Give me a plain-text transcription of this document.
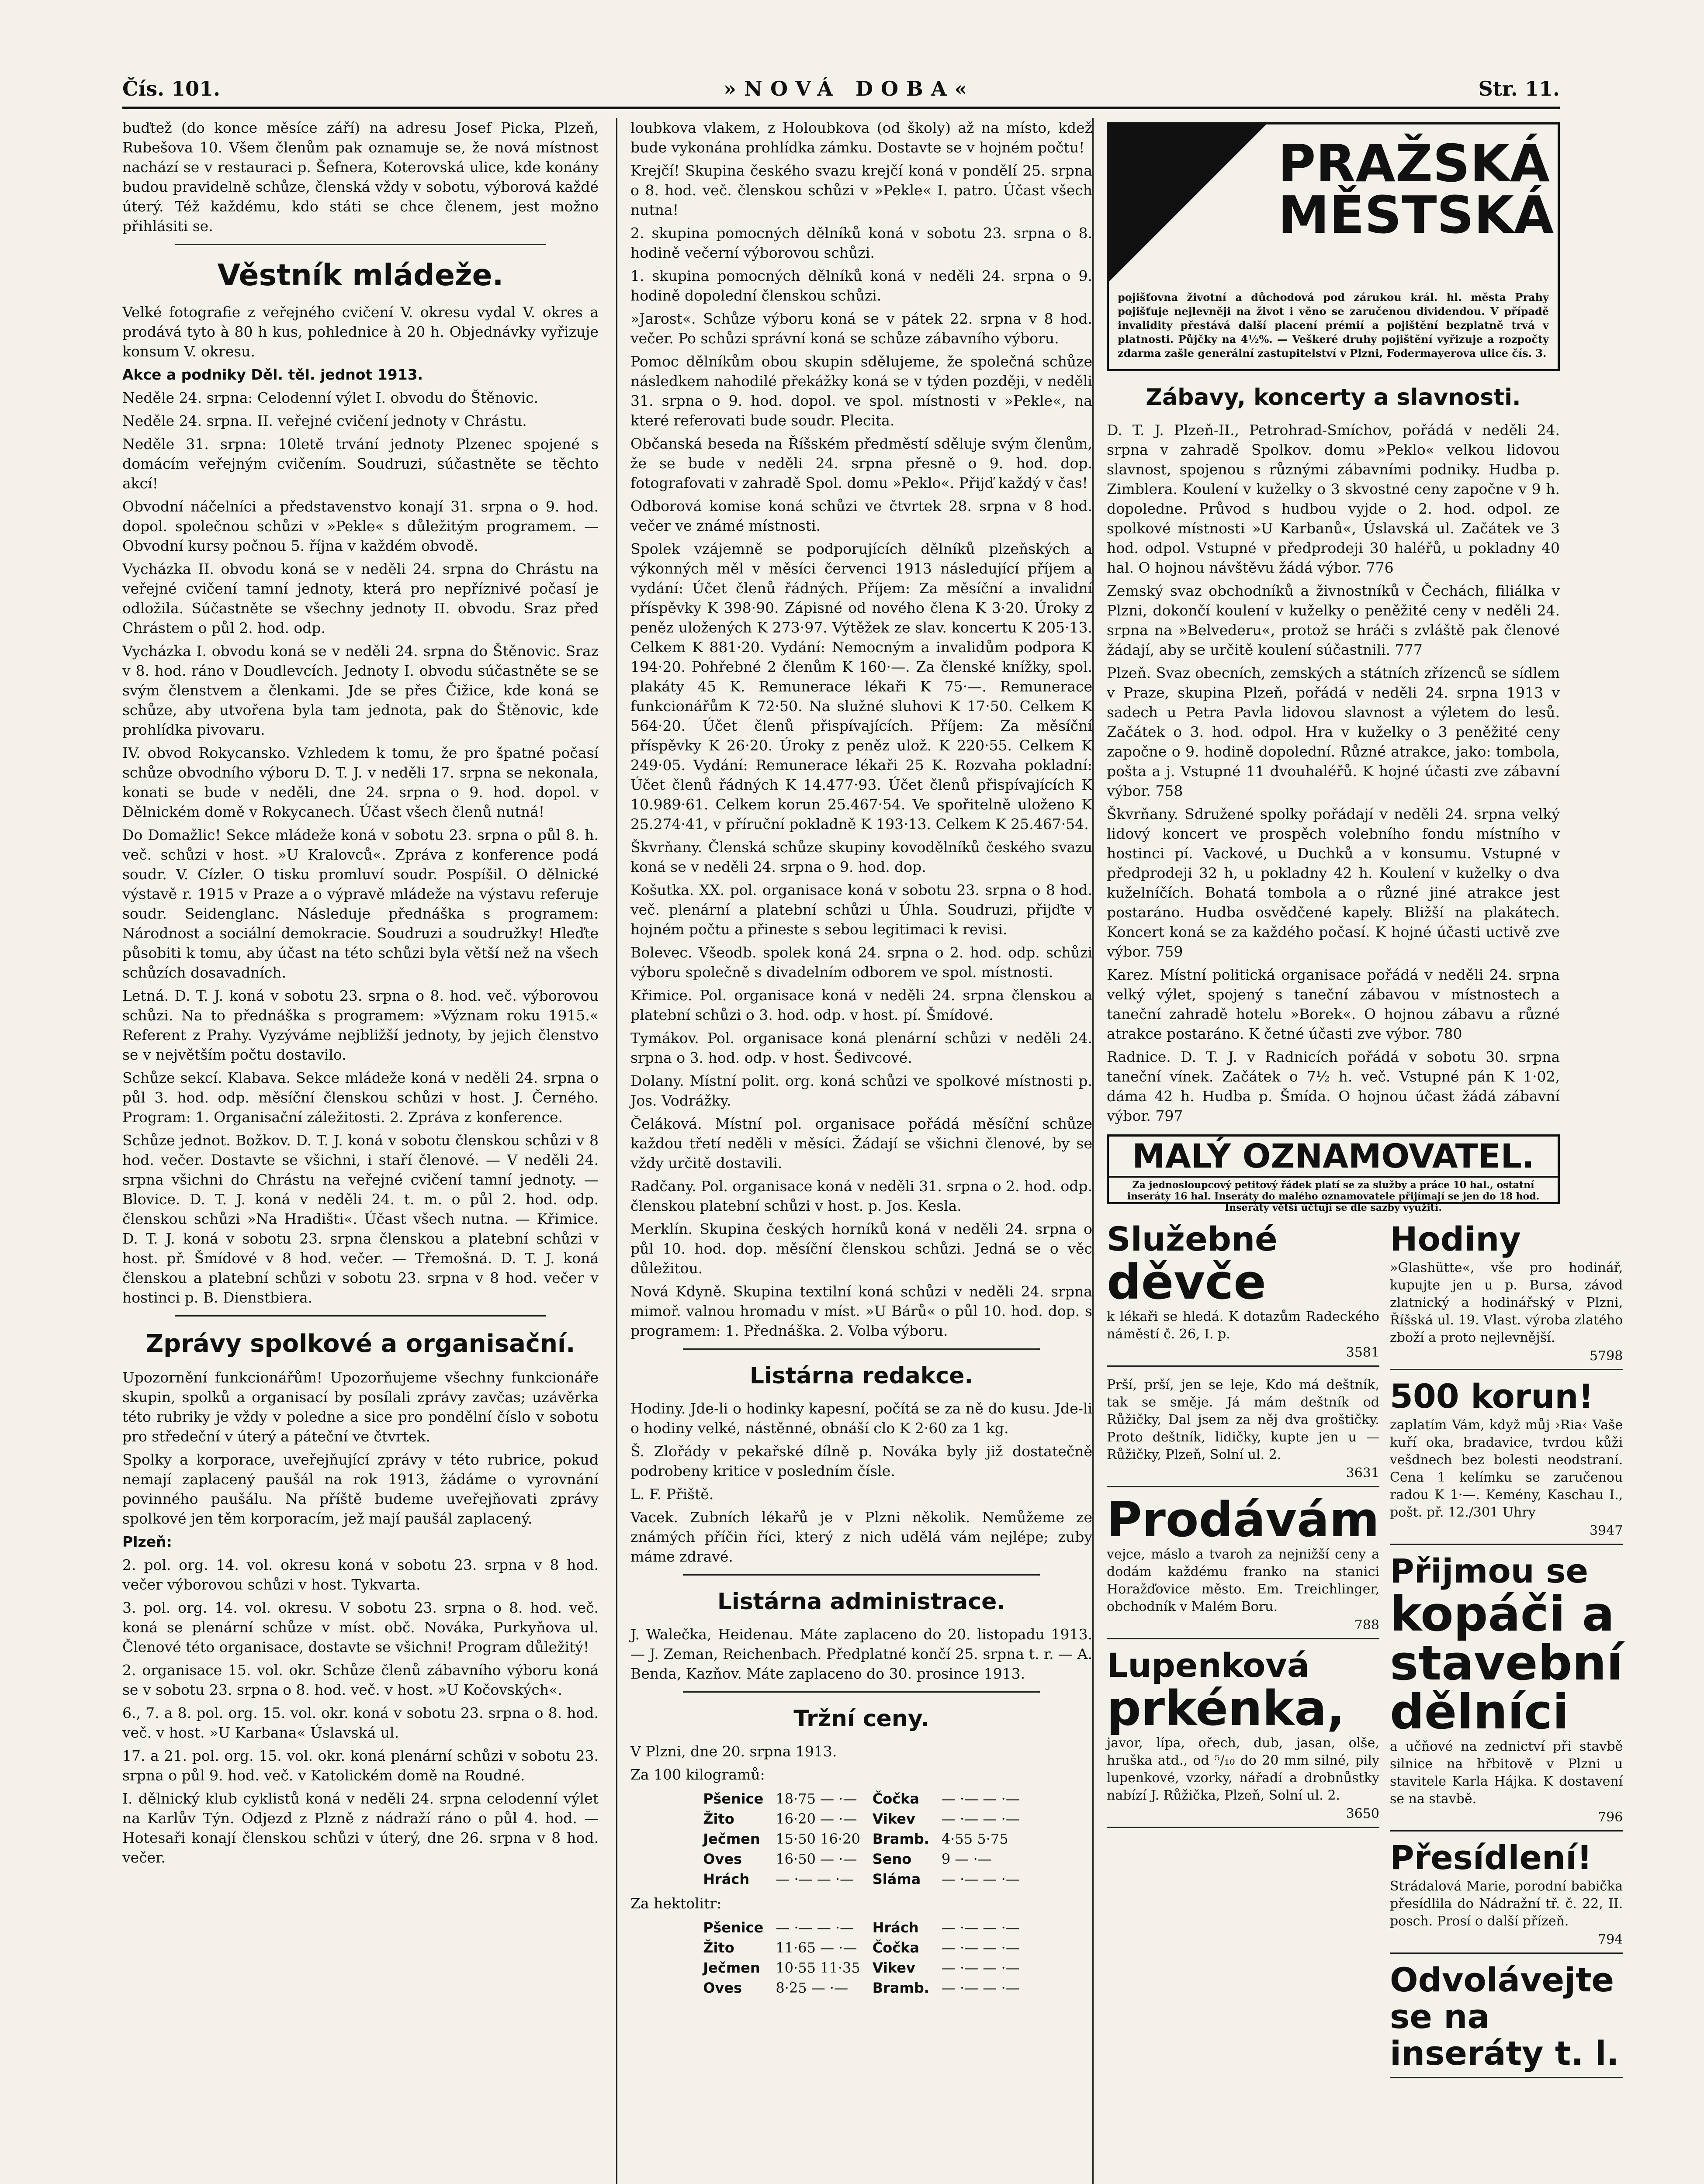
Čís. 101.	»NOVÁ DOBA«	Str. 11.

buďtež (do konce měsíce září) na adresu Josef Picka, Plzeň, Rubešova 10. Všem členům pak oznamuje se, že nová místnost nachází se v restauraci p. Šefnera, Koterovská ulice, kde konány budou pravidelně schůze, členská vždy v sobotu, výborová každé úterý. Též každému, kdo státi se chce členem, jest možno přihlásiti se.

Věstník mládeže.

Velké fotografie z veřejného cvičení V. okresu vydal V. okres a prodává tyto à 80 h kus, pohlednice à 20 h. Objednávky vyřizuje konsum V. okresu.

Akce a podniky Děl. těl. jednot 1913.

Neděle 24. srpna: Celodenní výlet I. obvodu do Štěnovic.

Neděle 24. srpna. II. veřejné cvičení jednoty v Chrástu.

Neděle 31. srpna: 10letě trvání jednoty Plzenec spojené s domácím veřejným cvičením. Soudruzi, súčastněte se těchto akcí!

Obvodní náčelníci a představenstvo konají 31. srpna o 9. hod. dopol. společnou schůzi v »Pekle« s důležitým programem. — Obvodní kursy počnou 5. října v každém obvodě.

Vycházka II. obvodu koná se v neděli 24. srpna do Chrástu na veřejné cvičení tamní jednoty, která pro nepříznivé počasí je odložila. Súčastněte se všechny jednoty II. obvodu. Sraz před Chrástem o půl 2. hod. odp.

Vycházka I. obvodu koná se v neděli 24. srpna do Štěnovic. Sraz v 8. hod. ráno v Doudlevcích. Jednoty I. obvodu súčastněte se se svým členstvem a členkami. Jde se přes Čižice, kde koná se schůze, aby utvořena byla tam jednota, pak do Štěnovic, kde prohlídka pivovaru.

IV. obvod Rokycansko. Vzhledem k tomu, že pro špatné počasí schůze obvodního výboru D. T. J. v neděli 17. srpna se nekonala, konati se bude v neděli, dne 24. srpna o 9. hod. dopol. v Dělnickém domě v Rokycanech. Účast všech členů nutná!

Do Domažlic! Sekce mládeže koná v sobotu 23. srpna o půl 8. h. več. schůzi v host. »U Kralovců«. Zpráva z konference podá soudr. V. Cízler. O tisku promluví soudr. Pospíšil. O dělnické výstavě r. 1915 v Praze a o výpravě mládeže na výstavu referuje soudr. Seidenglanc. Následuje přednáška s programem: Národnost a sociální demokracie. Soudruzi a soudružky! Hleďte působiti k tomu, aby účast na této schůzi byla větší než na všech schůzích dosavadních.

Letná. D. T. J. koná v sobotu 23. srpna o 8. hod. več. výborovou schůzi. Na to přednáška s programem: »Význam roku 1915.« Referent z Prahy. Vyzýváme nejbližší jednoty, by jejich členstvo se v největším počtu dostavilo.

Schůze sekcí. Klabava. Sekce mládeže koná v neděli 24. srpna o půl 3. hod. odp. měsíční členskou schůzi v host. J. Černého. Program: 1. Organisační záležitosti. 2. Zpráva z konference.

Schůze jednot. Božkov. D. T. J. koná v sobotu členskou schůzi v 8 hod. večer. Dostavte se všichni, i staří členové. — V neděli 24. srpna všichni do Chrástu na veřejné cvičení tamní jednoty. — Blovice. D. T. J. koná v neděli 24. t. m. o půl 2. hod. odp. členskou schůzi »Na Hradišti«. Účast všech nutna. — Křimice. D. T. J. koná v sobotu 23. srpna členskou a platební schůzi v host. př. Šmídové v 8 hod. večer. — Třemošná. D. T. J. koná členskou a platební schůzi v sobotu 23. srpna v 8 hod. večer v hostinci p. B. Dienstbiera.

Zprávy spolkové a organisační.

Upozornění funkcionářům! Upozorňujeme všechny funkcionáře skupin, spolků a organisací by posílali zprávy zavčas; uzávěrka této rubriky je vždy v poledne a sice pro pondělní číslo v sobotu pro středeční v úterý a páteční ve čtvrtek.

Spolky a korporace, uveřejňující zprávy v této rubrice, pokud nemají zaplacený paušál na rok 1913, žádáme o vyrovnání povinného paušálu. Na příště budeme uveřejňovati zprávy spolkové jen těm korporacím, jež mají paušál zaplacený.

Plzeň:

2. pol. org. 14. vol. okresu koná v sobotu 23. srpna v 8 hod. večer výborovou schůzi v host. Tykvarta.

3. pol. org. 14. vol. okresu. V sobotu 23. srpna o 8. hod. več. koná se plenární schůze v míst. obč. Nováka, Purkyňova ul. Členové této organisace, dostavte se všichni! Program důležitý!

2. organisace 15. vol. okr. Schůze členů zábavního výboru koná se v sobotu 23. srpna o 8. hod. več. v host. »U Kočovských«.

6., 7. a 8. pol. org. 15. vol. okr. koná v sobotu 23. srpna o 8. hod. več. v host. »U Karbana« Úslavská ul.

17. a 21. pol. org. 15. vol. okr. koná plenární schůzi v sobotu 23. srpna o půl 9. hod. več. v Katolickém domě na Roudné.

I. dělnický klub cyklistů koná v neděli 24. srpna celodenní výlet na Karlův Týn. Odjezd z Plzně z nádraží ráno o půl 4. hod. — Hotesaři konají členskou schůzi v úterý, dne 26. srpna v 8 hod. večer.

loubkova vlakem, z Holoubkova (od školy) až na místo, kdež bude vykonána prohlídka zámku. Dostavte se v hojném počtu!

Krejčí! Skupina českého svazu krejčí koná v pondělí 25. srpna o 8. hod. več. členskou schůzi v »Pekle« I. patro. Účast všech nutna!

2. skupina pomocných dělníků koná v sobotu 23. srpna o 8. hodině večerní výborovou schůzi.

1. skupina pomocných dělníků koná v neděli 24. srpna o 9. hodině dopolední členskou schůzi.

»Jarost«. Schůze výboru koná se v pátek 22. srpna v 8 hod. večer. Po schůzi správní koná se schůze zábavního výboru.

Pomoc dělníkům obou skupin sdělujeme, že společná schůze následkem nahodilé překážky koná se v týden později, v neděli 31. srpna o 9. hod. dopol. ve spol. místnosti v »Pekle«, na které referovati bude soudr. Plecita.

Občanská beseda na Říšském předměstí sděluje svým členům, že se bude v neděli 24. srpna přesně o 9. hod. dop. fotografovati v zahradě Spol. domu »Peklo«. Přijď každý v čas!

Odborová komise koná schůzi ve čtvrtek 28. srpna v 8 hod. večer ve známé místnosti.

Spolek vzájemně se podporujících dělníků plzeňských a výkonných měl v měsíci červenci 1913 následující příjem a vydání: Účet členů řádných. Příjem: Za měsíční a invalidní příspěvky K 398·90. Zápisné od nového člena K 3·20. Úroky z peněz uložených K 273·97. Výtěžek ze slav. koncertu K 205·13. Celkem K 881·20. Vydání: Nemocným a invalidům podpora K 194·20. Pohřebné 2 členům K 160·—. Za členské knížky, spol. plakáty 45 K. Remunerace lékaři K 75·—. Remunerace funkcionářům K 72·50. Na služné sluhovi K 17·50. Celkem K 564·20. Účet členů přispívajících. Příjem: Za měsíční příspěvky K 26·20. Úroky z peněz ulož. K 220·55. Celkem K 249·05. Vydání: Remunerace lékaři 25 K. Rozvaha pokladní: Účet členů řádných K 14.477·93. Účet členů přispívajících K 10.989·61. Celkem korun 25.467·54. Ve spořitelně uloženo K 25.274·41, v příruční pokladně K 193·13. Celkem K 25.467·54.

Škvrňany. Členská schůze skupiny kovodělníků českého svazu koná se v neděli 24. srpna o 9. hod. dop.

Košutka. XX. pol. organisace koná v sobotu 23. srpna o 8 hod. več. plenární a platební schůzi u Úhla. Soudruzi, přijďte v hojném počtu a přineste s sebou legitimaci k revisi.

Bolevec. Všeodb. spolek koná 24. srpna o 2. hod. odp. schůzi výboru společně s divadelním odborem ve spol. místnosti.

Křimice. Pol. organisace koná v neděli 24. srpna členskou a platební schůzi o 3. hod. odp. v host. pí. Šmídové.

Tymákov. Pol. organisace koná plenární schůzi v neděli 24. srpna o 3. hod. odp. v host. Šedivcové.

Dolany. Místní polit. org. koná schůzi ve spolkové místnosti p. Jos. Vodrážky.

Čeláková. Místní pol. organisace pořádá měsíční schůze každou třetí neděli v měsíci. Žádají se všichni členové, by se vždy určitě dostavili.

Radčany. Pol. organisace koná v neděli 31. srpna o 2. hod. odp. členskou platební schůzi v host. p. Jos. Kesla.

Merklín. Skupina českých horníků koná v neděli 24. srpna o půl 10. hod. dop. měsíční členskou schůzi. Jedná se o věc důležitou.

Nová Kdyně. Skupina textilní koná schůzi v neděli 24. srpna mimoř. valnou hromadu v míst. »U Bárů« o půl 10. hod. dop. s programem: 1. Přednáška. 2. Volba výboru.

Listárna redakce.

Hodiny. Jde-li o hodinky kapesní, počítá se za ně do kusu. Jde-li o hodiny velké, nástěnné, obnáší clo K 2·60 za 1 kg.

Š. Zlořády v pekařské dílně p. Nováka byly již dostatečně podrobeny kritice v posledním čísle.

L. F. Přiště.

Vacek. Zubních lékařů je v Plzni několik. Nemůžeme ze známých příčin říci, který z nich udělá vám nejlépe; zuby máme zdravé.

Listárna administrace.

J. Walečka, Heidenau. Máte zaplaceno do 20. listopadu 1913. — J. Zeman, Reichenbach. Předplatné končí 25. srpna t. r. — A. Benda, Kazňov. Máte zaplaceno do 30. prosince 1913.

Tržní ceny.

V Plzni, dne 20. srpna 1913.

Za 100 kilogramů:

Pšenice	18·75 — ·—	Čočka	— ·— — ·—
Žito	16·20 — ·—	Vikev	— ·— — ·—
Ječmen	15·50 16·20	Bramb.	4·55 5·75
Oves	16·50 — ·—	Seno	9 — ·—
Hrách	— ·— — ·—	Sláma	— ·— — ·—

Za hektolitr:

Pšenice	— ·— — ·—	Hrách	— ·— — ·—
Žito	11·65 — ·—	Čočka	— ·— — ·—
Ječmen	10·55 11·35	Vikev	— ·— — ·—
Oves	8·25 — ·—	Bramb.	— ·— — ·—
PRAŽSKÁ MĚSTSKÁ
pojišťovna životní a důchodová pod zárukou král. hl. města Prahy pojišťuje nejlevněji na život i věno se zaručenou dividendou. V případě invalidity přestává další placení prémií a pojištění bezplatně trvá v platnosti. Půjčky na 4½%. — Veškeré druhy pojištění vyřizuje a rozpočty zdarma zašle generální zastupitelství v Plzni, Fodermayerova ulice čís. 3.
Zábavy, koncerty a slavnosti.

D. T. J. Plzeň-II., Petrohrad-Smíchov, pořádá v neděli 24. srpna v zahradě Spolkov. domu »Peklo« velkou lidovou slavnost, spojenou s různými zábavními podniky. Hudba p. Zimblera. Koulení v kuželky o 3 skvostné ceny započne v 9 h. dopoledne. Průvod s hudbou vyjde o 2. hod. odpol. ze spolkové místnosti »U Karbanů«, Úslavská ul. Začátek ve 3 hod. odpol. Vstupné v předprodeji 30 haléřů, u pokladny 40 hal. O hojnou návštěvu žádá výbor. 776

Zemský svaz obchodníků a živnostníků v Čechách, filiálka v Plzni, dokončí koulení v kuželky o peněžité ceny v neděli 24. srpna na »Belvederu«, protož se hráči s zvláště pak členové žádají, aby se určitě koulení súčastnili. 777

Plzeň. Svaz obecních, zemských a státních zřízenců se sídlem v Praze, skupina Plzeň, pořádá v neděli 24. srpna 1913 v sadech u Petra Pavla lidovou slavnost a výletem do lesů. Začátek o 3. hod. odpol. Hra v kuželky o 3 peněžité ceny započne o 9. hodině dopolední. Různé atrakce, jako: tombola, pošta a j. Vstupné 11 dvouhaléřů. K hojné účasti zve zábavní výbor. 758

Škvrňany. Sdružené spolky pořádají v neděli 24. srpna velký lidový koncert ve prospěch volebního fondu místního v hostinci pí. Vackové, u Duchků a v konsumu. Vstupné v předprodeji 32 h, u pokladny 42 h. Koulení v kuželky o dva kuželníčích. Bohatá tombola a o různé jiné atrakce jest postaráno. Hudba osvědčené kapely. Bližší na plakátech. Koncert koná se za každého počasí. K hojné účasti uctivě zve výbor. 759

Karez. Místní politická organisace pořádá v neděli 24. srpna velký výlet, spojený s taneční zábavou v místnostech a taneční zahradě hotelu »Borek«. O hojnou zábavu a různé atrakce postaráno. K četné účasti zve výbor. 780

Radnice. D. T. J. v Radnicích pořádá v sobotu 30. srpna taneční vínek. Začátek o 7½ h. več. Vstupné pán K 1·02, dáma 42 h. Hudba p. Šmída. O hojnou účast žádá zábavní výbor. 797

MALÝ OZNAMOVATEL.
Za jednosloupcový petitový řádek platí se za služby a práce 10 hal., ostatní inseráty 16 hal. Inseráty do malého oznamovatele přijímají se jen do 18 hod. Inseráty větší účtují se dle sazby využití.
Služebné
děvče
k lékaři se hledá. K dotazům Radeckého náměstí č. 26, I. p.
3581
Prší, prší, jen se leje, Kdo má deštník, tak se směje. Já mám deštník od Růžičky, Dal jsem za něj dva groštičky. Proto deštník, lidičky, kupte jen u — Růžičky, Plzeň, Solní ul. 2.
3631
Prodávám
vejce, máslo a tvaroh za nejnižší ceny a dodám každému franko na stanici Horažďovice město. Em. Treichlinger, obchodník v Malém Boru.
788
Lupenková
prkénka,
javor, lípa, ořech, dub, jasan, olše, hruška atd., od ⁵/₁₀ do 20 mm silné, pily lupenkové, vzorky, nářadí a drobnůstky nabízí J. Růžička, Plzeň, Solní ul. 2.
3650
Hodiny
»Glashütte«, vše pro hodinář, kupujte jen u p. Bursa, závod zlatnický a hodinářský v Plzni, Říšská ul. 19. Vlast. výroba zlatého zboží a proto nejlevnější.
5798
500 korun!
zaplatím Vám, když můj ›Ria‹ Vaše kuří oka, bradavice, tvrdou kůži vešdnech bez bolesti neodstraní. Cena 1 kelímku se zaručenou radou K 1·—. Kemény, Kaschau I., pošt. př. 12./301 Uhry
3947
Přijmou se
kopáči a stavební dělníci
a učňové na zednictví při stavbě silnice na hřbitově v Plzni u stavitele Karla Hájka. K dostavení se na stavbě.
796
Přesídlení!
Strádalová Marie, porodní babička přesídlila do Nádražní tř. č. 22, II. posch. Prosí o další přízeň.
794
Odvolávejte se na inseráty t. l.
